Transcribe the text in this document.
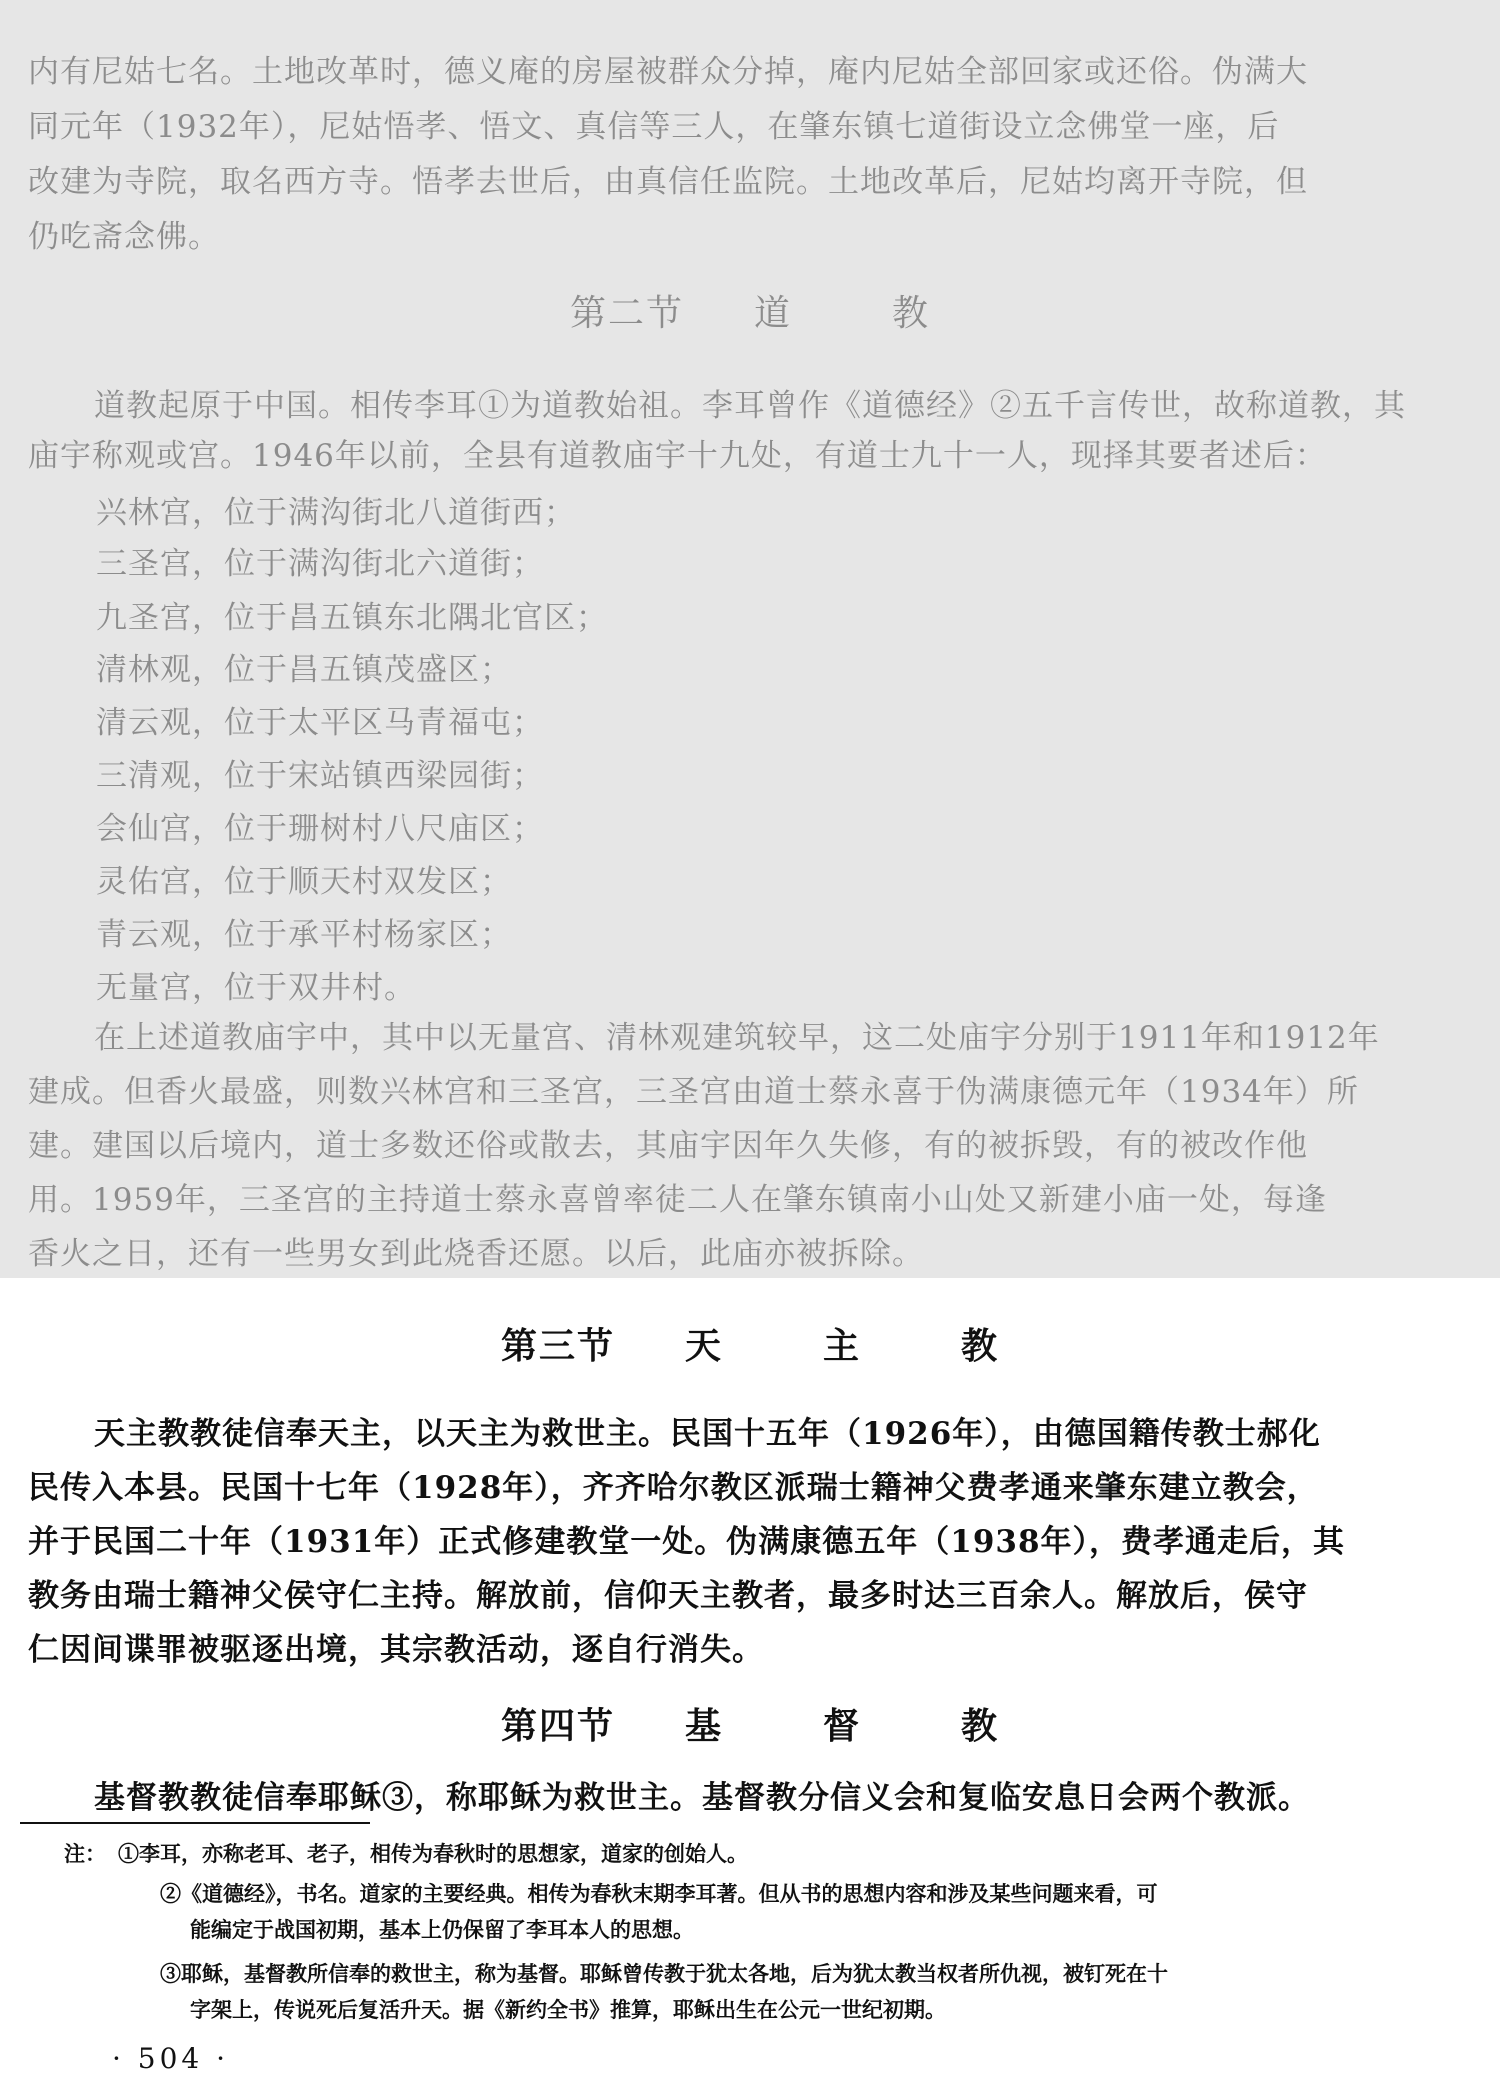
内有尼姑七名。土地改革时，德义庵的房屋被群众分掉，庵内尼姑全部回家或还俗。伪满大
同元年（1932年），尼姑悟孝、悟文、真信等三人，在肇东镇七道街设立念佛堂一座，后
改建为寺院，取名西方寺。悟孝去世后，由真信任监院。土地改革后，尼姑均离开寺院，但
仍吃斋念佛。
第二节 道	教
道教起原于中国。相传李耳①为道教始祖。李耳曾作《道德经》②五千言传世，故称道教，其
庙宇称观或宫。1946年以前，全县有道教庙宇十九处，有道士九十一人，现择其要者述后：
兴林宫，位于满沟街北八道街西；
三圣宫，位于满沟街北六道街；
九圣宫，位于昌五镇东北隅北官区；
清林观，位于昌五镇茂盛区；
清云观，位于太平区马青福屯；
三清观，位于宋站镇西梁园街；
会仙宫，位于珊树村八尺庙区；
灵佑宫，位于顺天村双发区；
青云观，位于承平村杨家区；
无量宫，位于双井村。
在上述道教庙宇中，其中以无量宫、清林观建筑较早，这二处庙宇分别于1911年和1912年
建成。但香火最盛，则数兴林宫和三圣宫，三圣宫由道士蔡永喜于伪满康德元年（1934年）所
建。建国以后境内，道士多数还俗或散去，其庙宇因年久失修，有的被拆毁，有的被改作他
用。1959年，三圣宫的主持道士蔡永喜曾率徒二人在肇东镇南小山处又新建小庙一处，每逢
香火之日，还有一些男女到此烧香还愿。以后，此庙亦被拆除。
第三节 天	主	教
天主教教徒信奉天主，以天主为救世主。民国十五年（1926年），由德国籍传教士郝化
民传入本县。民国十七年（1928年），齐齐哈尔教区派瑞士籍神父费孝通来肇东建立教会，
并于民国二十年（1931年）正式修建教堂一处。伪满康德五年（1938年），费孝通走后，其
教务由瑞士籍神父侯守仁主持。解放前，信仰天主教者，最多时达三百余人。解放后，侯守
仁因间谍罪被驱逐出境，其宗教活动，逐自行消失。
第四节 基	督	教
基督教教徒信奉耶稣③，称耶稣为救世主。基督教分信义会和复临安息日会两个教派。
注： ①李耳，亦称老耳、老子，相传为春秋时的思想家，道家的创始人。
②《道德经》，书名。道家的主要经典。相传为春秋末期李耳著。但从书的思想内容和涉及某些问题来看，可
能编定于战国初期，基本上仍保留了李耳本人的思想。
③耶稣，基督教所信奉的救世主，称为基督。耶稣曾传教于犹太各地，后为犹太教当权者所仇视，被钉死在十
字架上，传说死后复活升天。据《新约全书》推算，耶稣出生在公元一世纪初期。
· 504 ·
